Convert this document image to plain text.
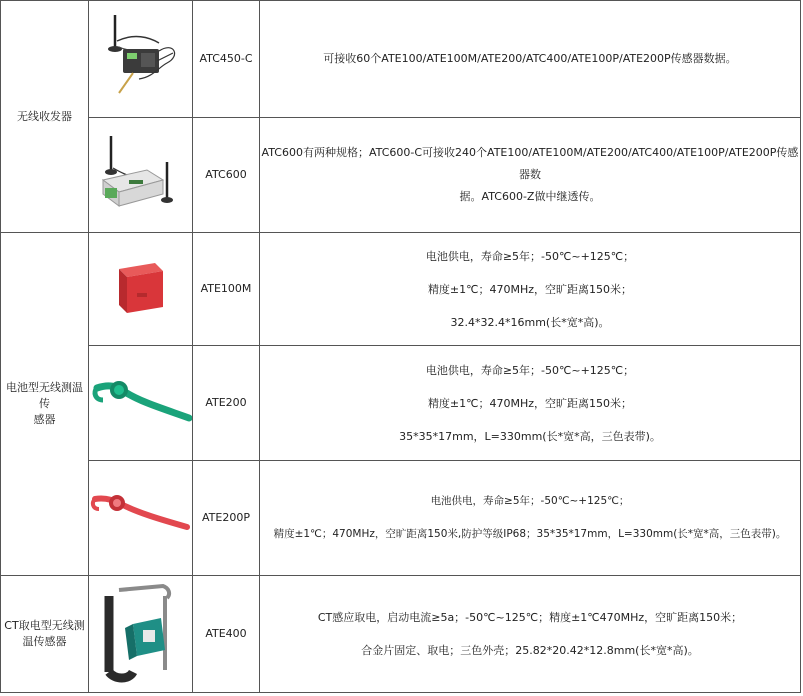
无线收发器
电池型无线测温传
感器
CT取电型无线测
温传感器
ATC450-C	可接收60个ATE100/ATE100M/ATE200/ATC400/ATE100P/ATE200P传感器数据。
ATC600
ATC600有两种规格；ATC600-C可接收240个ATE100/ATE100M/ATE200/ATC400/ATE100P/ATE200P传感器数
据。ATC600-Z做中继透传。
ATE100M
电池供电，寿命≥5年；-50℃~+125℃；
精度±1℃；470MHz，空旷距离150米；
32.4*32.4*16mm(长*宽*高)。
ATE200
电池供电，寿命≥5年；-50℃~+125℃；
精度±1℃；470MHz，空旷距离150米；
35*35*17mm，L=330mm(长*宽*高，三色表带)。
ATE200P
电池供电，寿命≥5年；-50℃~+125℃；
精度±1℃；470MHz，空旷距离150米,防护等级IP68；35*35*17mm，L=330mm(长*宽*高，三色表带)。
ATE400
CT感应取电，启动电流≥5a；-50℃~125℃；精度±1℃470MHz，空旷距离150米；
合金片固定、取电；三色外壳；25.82*20.42*12.8mm(长*宽*高)。
